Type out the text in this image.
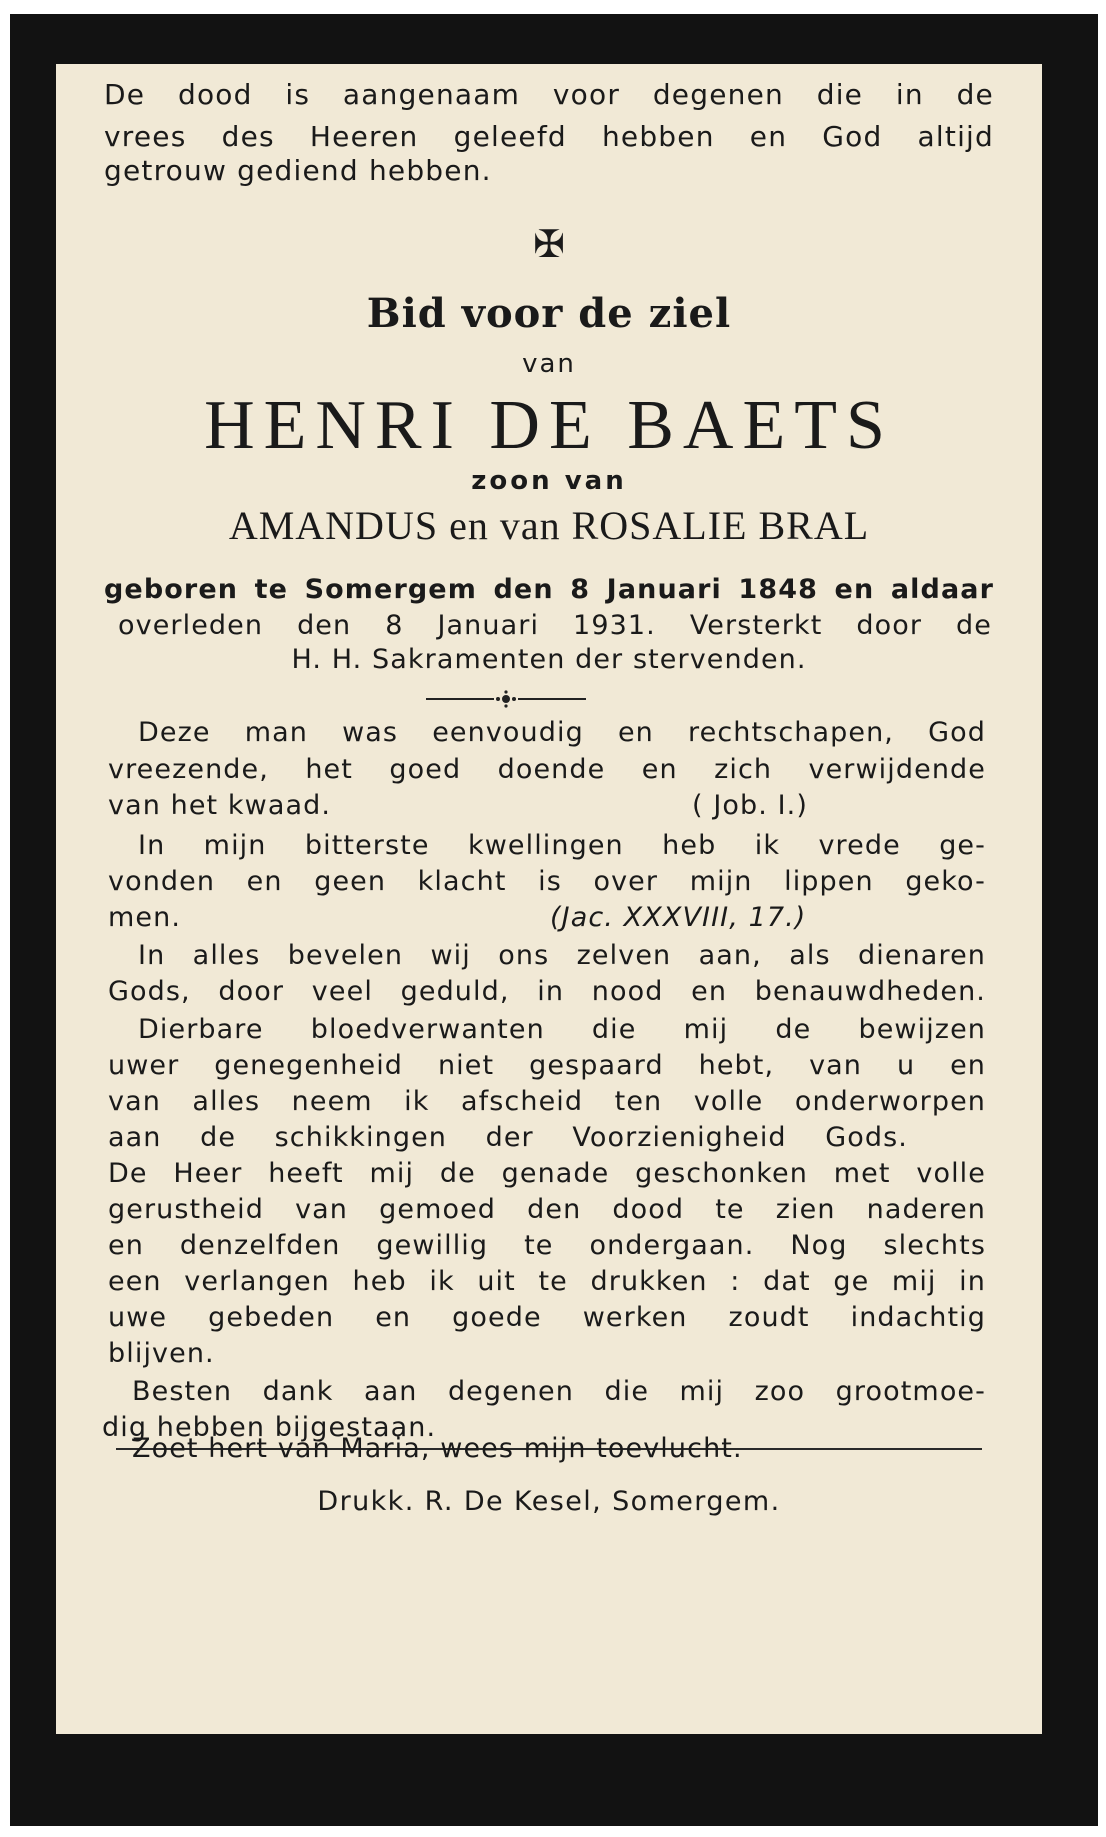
De dood is aangenaam voor degenen die in de

vrees des Heeren geleefd hebben en God altijd

getrouw gediend hebben.

✠

Bid voor de ziel

van

HENRI DE BAETS

zoon van

AMANDUS en van ROSALIE BRAL

geboren te Somergem den 8 Januari 1848 en aldaar

overleden den 8 Januari 1931. Versterkt door de

H. H. Sakramenten der stervenden.

Deze man was eenvoudig en rechtschapen, God

vreezende, het goed doende en zich verwijdende

van het kwaad.	( Job. I.)

In mijn bitterste kwellingen heb ik vrede ge-

vonden en geen klacht is over mijn lippen geko-

men.	(Jac. XXXVIII, 17.)

In alles bevelen wij ons zelven aan, als dienaren

Gods, door veel geduld, in nood en benauwdheden.

Dierbare bloedverwanten die mij de bewijzen

uwer genegenheid niet gespaard hebt, van u en

van alles neem ik afscheid ten volle onderworpen

aan de schikkingen der Voorzienigheid Gods.

De Heer heeft mij de genade geschonken met volle

gerustheid van gemoed den dood te zien naderen

en denzelfden gewillig te ondergaan. Nog slechts

een verlangen heb ik uit te drukken : dat ge mij in

uwe gebeden en goede werken zoudt indachtig

blijven.

Besten dank aan degenen die mij zoo grootmoe-

dig hebben bijgestaan.

Drukk. R. De Kesel, Somergem.

Zoet hert van Maria, wees mijn toevlucht.
